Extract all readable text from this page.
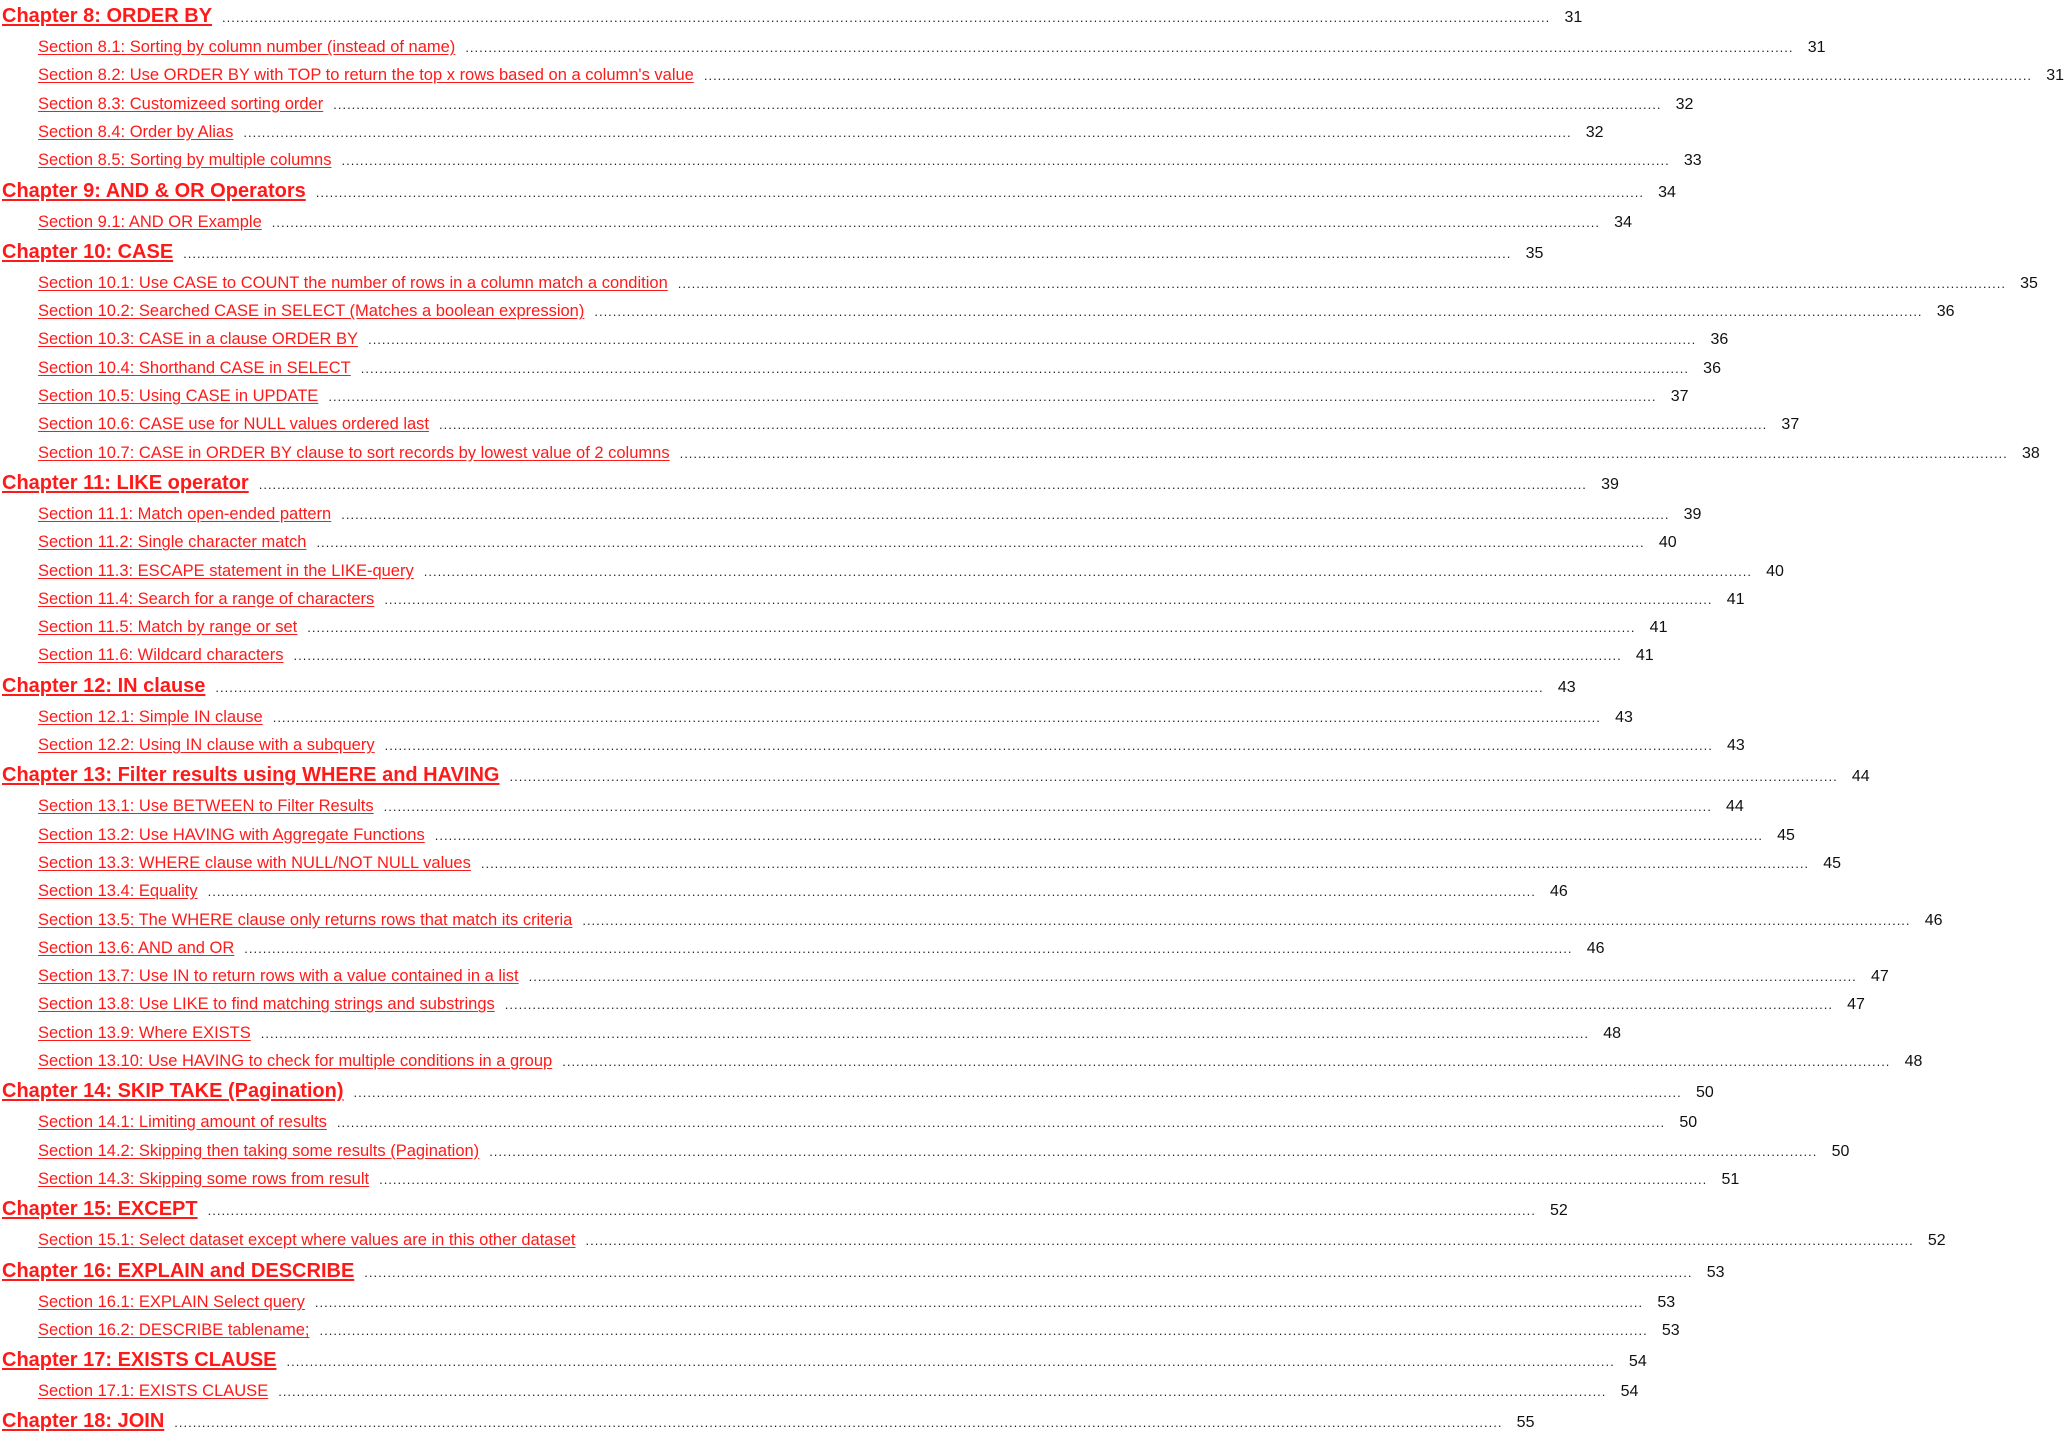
Chapter 8: ORDER BY .....	31
Section 8.1: Sorting by column number (instead of name) .....	31
Section 8.2: Use ORDER BY with TOP to return the top x rows based on a column's value .....	31
Section 8.3: Customizeed sorting order .....	32
Section 8.4: Order by Alias .....	32
Section 8.5: Sorting by multiple columns .....	33
Chapter 9: AND & OR Operators .....	34
Section 9.1: AND OR Example .....	34
Chapter 10: CASE .....	35
Section 10.1: Use CASE to COUNT the number of rows in a column match a condition .....	35
Section 10.2: Searched CASE in SELECT (Matches a boolean expression) .....	36
Section 10.3: CASE in a clause ORDER BY .....	36
Section 10.4: Shorthand CASE in SELECT .....	36
Section 10.5: Using CASE in UPDATE .....	37
Section 10.6: CASE use for NULL values ordered last .....	37
Section 10.7: CASE in ORDER BY clause to sort records by lowest value of 2 columns .....	38
Chapter 11: LIKE operator .....	39
Section 11.1: Match open-ended pattern .....	39
Section 11.2: Single character match .....	40
Section 11.3: ESCAPE statement in the LIKE-query .....	40
Section 11.4: Search for a range of characters .....	41
Section 11.5: Match by range or set .....	41
Section 11.6: Wildcard characters .....	41
Chapter 12: IN clause .....	43
Section 12.1: Simple IN clause .....	43
Section 12.2: Using IN clause with a subquery .....	43
Chapter 13: Filter results using WHERE and HAVING .....	44
Section 13.1: Use BETWEEN to Filter Results .....	44
Section 13.2: Use HAVING with Aggregate Functions .....	45
Section 13.3: WHERE clause with NULL/NOT NULL values .....	45
Section 13.4: Equality .....	46
Section 13.5: The WHERE clause only returns rows that match its criteria .....	46
Section 13.6: AND and OR .....	46
Section 13.7: Use IN to return rows with a value contained in a list .....	47
Section 13.8: Use LIKE to find matching strings and substrings .....	47
Section 13.9: Where EXISTS .....	48
Section 13.10: Use HAVING to check for multiple conditions in a group .....	48
Chapter 14: SKIP TAKE (Pagination) .....	50
Section 14.1: Limiting amount of results .....	50
Section 14.2: Skipping then taking some results (Pagination) .....	50
Section 14.3: Skipping some rows from result .....	51
Chapter 15: EXCEPT .....	52
Section 15.1: Select dataset except where values are in this other dataset .....	52
Chapter 16: EXPLAIN and DESCRIBE .....	53
Section 16.1: EXPLAIN Select query .....	53
Section 16.2: DESCRIBE tablename; .....	53
Chapter 17: EXISTS CLAUSE .....	54
Section 17.1: EXISTS CLAUSE .....	54
Chapter 18: JOIN .....	55
